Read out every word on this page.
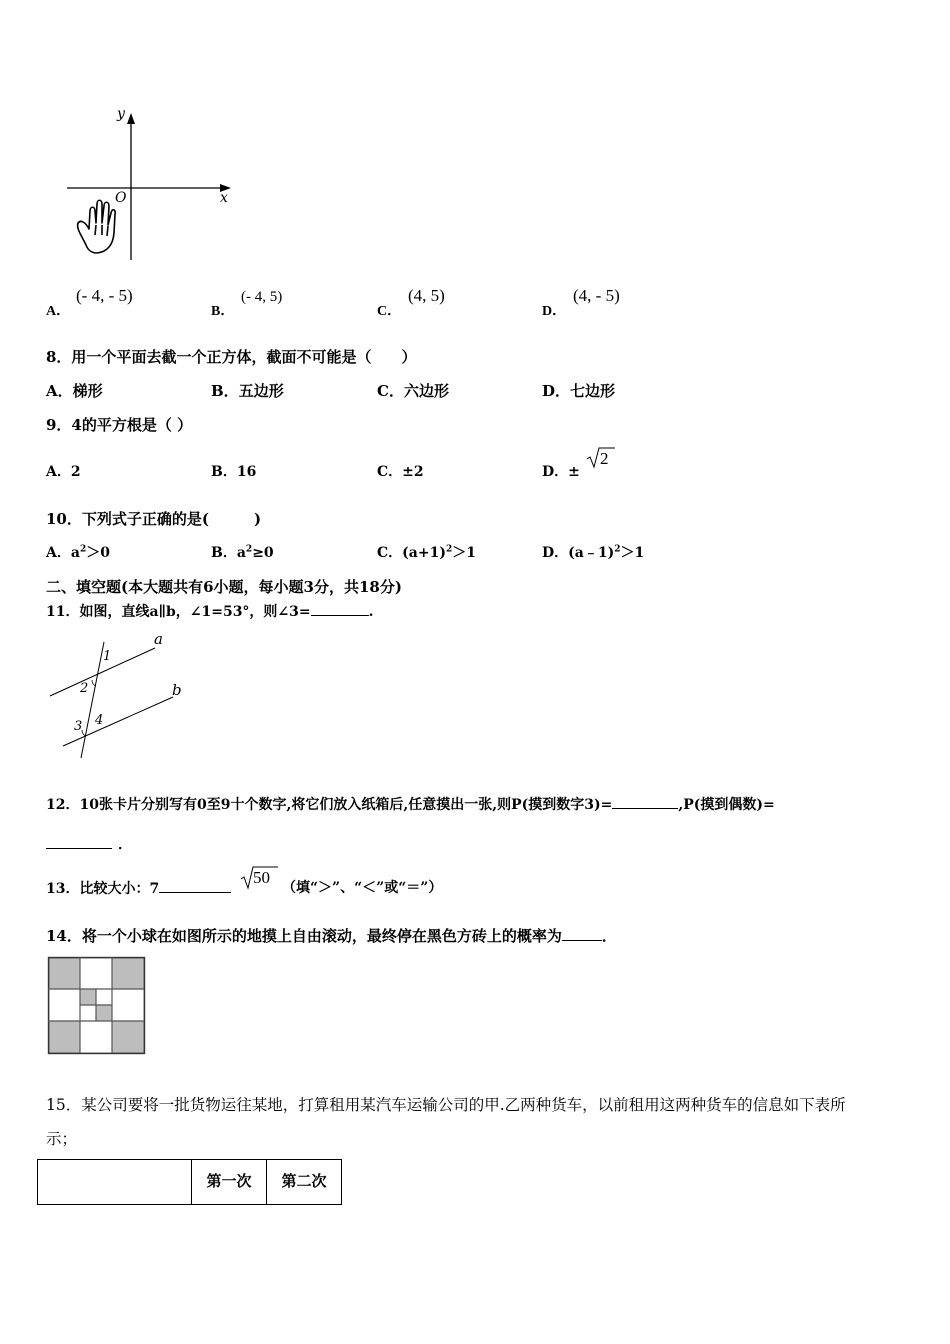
y
O	x
A．
(- 4, - 5)
B．
(- 4, 5)
C．
(4, 5)
D．
(4, - 5)
8．用一个平面去截一个正方体，截面不可能是（　　）
A．梯形	B．五边形	C．六边形	D．七边形
9．4的平方根是（ ）
A．2	B．16	C．±2	D．±
2
10．下列式子正确的是(　　　)
A．$a^2>0$	B．$a^2\ge 0$	C．$(a+1)^2>1$	D．(a﹣1)$^2$＞1
二、填空题(本大题共有6小题，每小题3分，共18分)
11．如图，直线a∥b，∠1=53°，则∠3=	.
a
b
1
2
3 4
12．10张卡片分别写有0至9十个数字,将它们放入纸箱后,任意摸出一张,则P(摸到数字3)=	,P(摸到偶数)=
．
13．比较大小：7
50
（填“＞”、“＜”或“＝”）
14．将一个小球在如图所示的地摸上自由滚动，最终停在黑色方砖上的概率为	．
15．某公司要将一批货物运往某地，打算租用某汽车运输公司的甲.乙两种货车，以前租用这两种货车的信息如下表所
示；
	第一次	第二次
